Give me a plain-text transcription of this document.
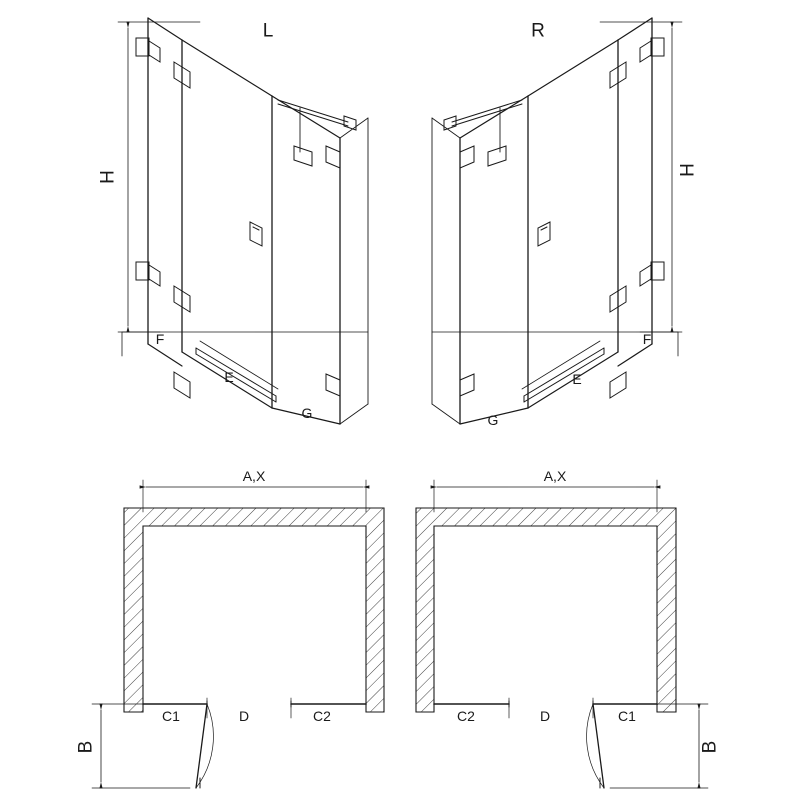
L	R
H
H
F
E
G	G
E
F
A,X	A,X
C1	D	C2	C2	D	C1
B	B
